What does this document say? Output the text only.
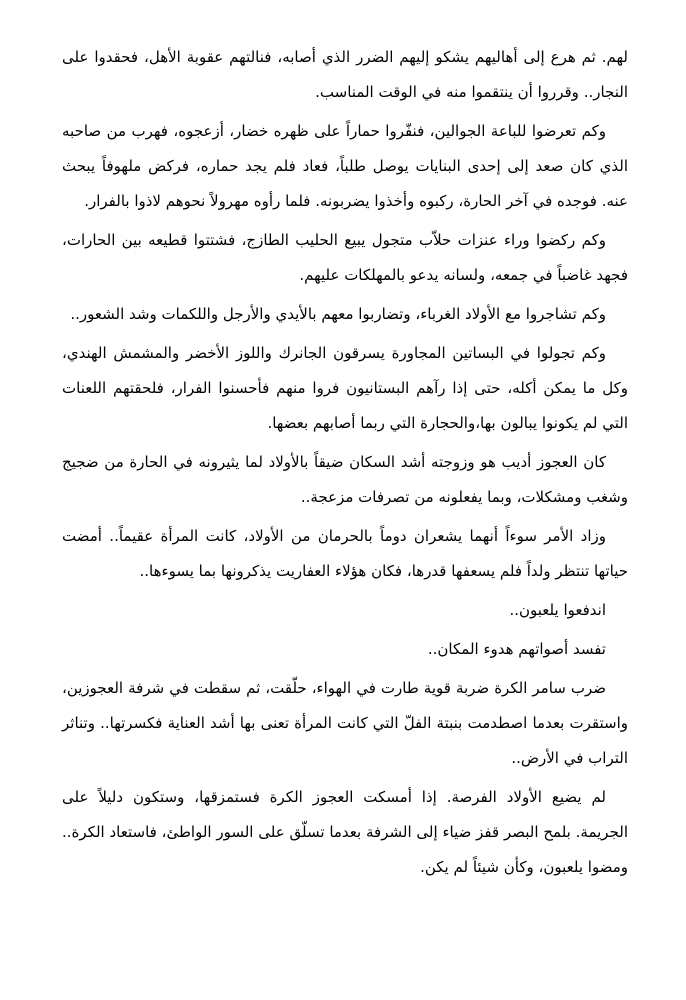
لهم. ثم هرع إلى أهاليهم يشكو إليهم الضرر الذي أصابه، فنالتهم عقوبة الأهل، فحقدوا على النجار.. وقرروا أن ينتقموا منه في الوقت المناسب.

وكم تعرضوا للباعة الجوالين، فنفّروا حماراً على ظهره خضار، أزعجوه، فهرب من صاحبه الذي كان صعد إلى إحدى البنايات يوصل طلباً، فعاد فلم يجد حماره، فركض ملهوفاً يبحث عنه. فوجده في آخر الحارة، ركبوه وأخذوا يضربونه. فلما رأوه مهرولاً نحوهم لاذوا بالفرار.

وكم ركضوا وراء عنزات حلاّب متجول يبيع الحليب الطازج، فشتتوا قطيعه بين الحارات، فجهد غاضباً في جمعه، ولسانه يدعو بالمهلكات عليهم.

وكم تشاجروا مع الأولاد الغرباء، وتضاربوا معهم بالأيدي والأرجل واللكمات وشد الشعور..

وكم تجولوا في البساتين المجاورة يسرقون الجانرك واللوز الأخضر والمشمش الهندي، وكل ما يمكن أكله، حتى إذا رآهم البستانيون فروا منهم فأحسنوا الفرار، فلحقتهم اللعنات التي لم يكونوا يبالون بها،والحجارة التي ربما أصابهم بعضها.

كان العجوز أديب هو وزوجته أشد السكان ضيقاً بالأولاد لما يثيرونه في الحارة من ضجيج وشغب ومشكلات، وبما يفعلونه من تصرفات مزعجة..

وزاد الأمر سوءاً أنهما يشعران دوماً بالحرمان من الأولاد، كانت المرأة عقيماً.. أمضت حياتها تنتظر ولداً فلم يسعفها قدرها، فكان هؤلاء العفاريت يذكرونها بما يسوءها..

اندفعوا يلعبون..

تفسد أصواتهم هدوء المكان..

ضرب سامر الكرة ضربة قوية طارت في الهواء، حلّقت، ثم سقطت في شرفة العجوزين، واستقرت بعدما اصطدمت بنبتة الفلّ التي كانت المرأة تعنى بها أشد العناية فكسرتها.. وتناثر التراب في الأرض..

لم يضيع الأولاد الفرصة. إذا أمسكت العجوز الكرة فستمزقها، وستكون دليلاً على الجريمة. بلمح البصر قفز ضياء إلى الشرفة بعدما تسلّق على السور الواطئ، فاستعاد الكرة.. ومضوا يلعبون، وكأن شيئاً لم يكن.
